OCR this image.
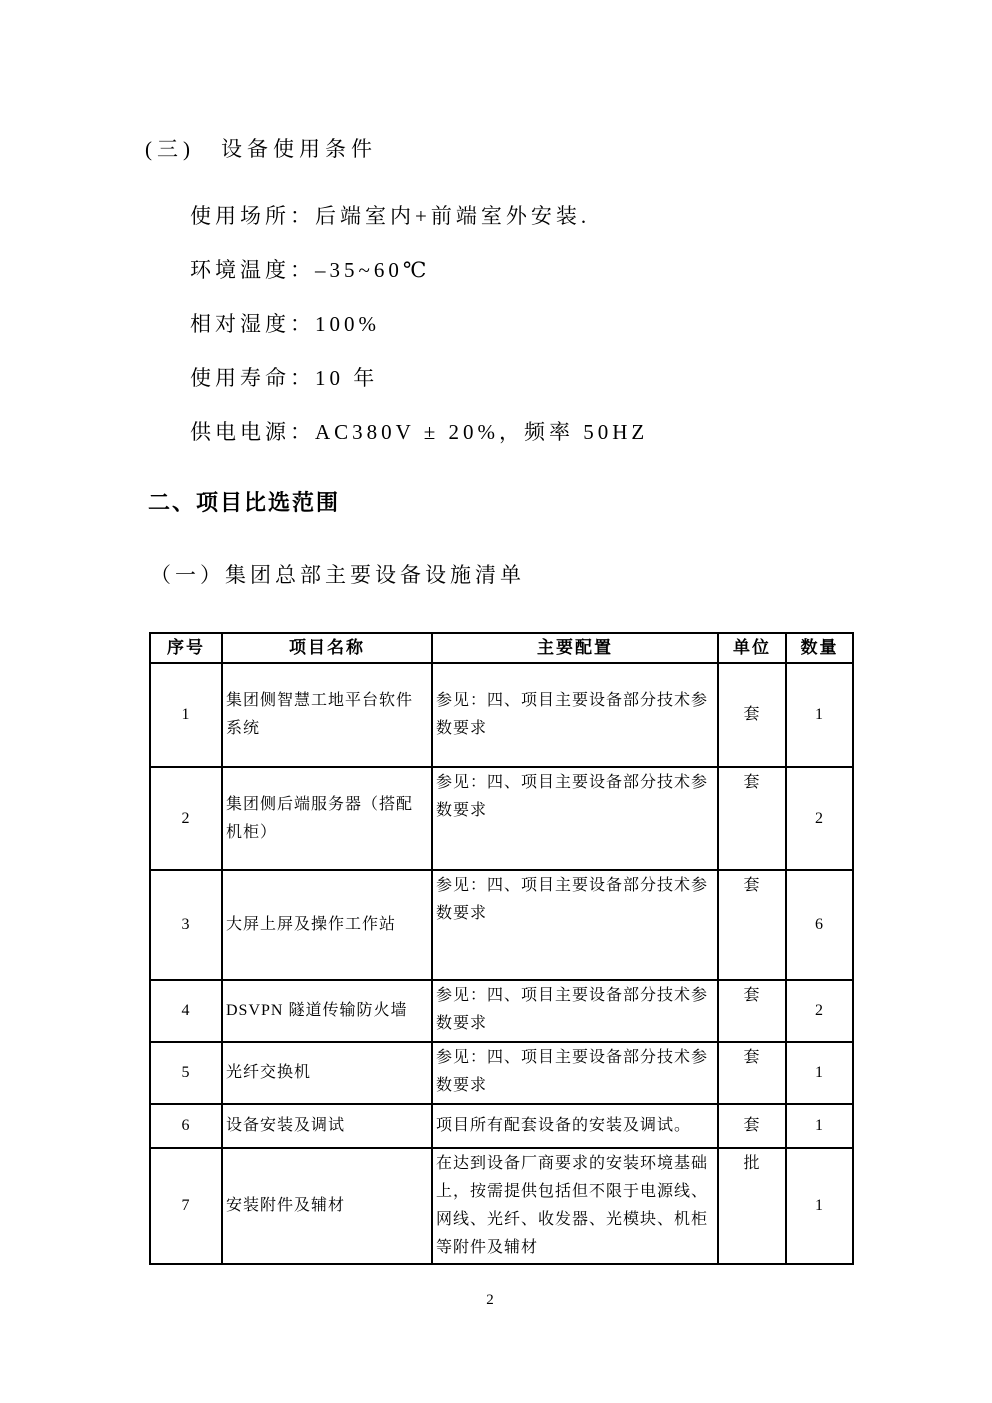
(三) 设备使用条件

使用场所：后端室内+前端室外安装.

环境温度：–35~60℃

相对湿度：100%

使用寿命：10 年

供电电源：AC380V ± 20%，频率 50HZ

二、项目比选范围
（一）集团总部主要设备设施清单
序号	项目名称	主要配置	单位	数量
1	集团侧智慧工地平台软件系统	参见：四、项目主要设备部分技术参数要求	套	1
2	集团侧后端服务器（搭配机柜）	参见：四、项目主要设备部分技术参数要求	套	2
3	大屏上屏及操作工作站	参见：四、项目主要设备部分技术参数要求	套	6
4	DSVPN 隧道传输防火墙	参见：四、项目主要设备部分技术参数要求	套	2
5	光纤交换机	参见：四、项目主要设备部分技术参数要求	套	1
6	设备安装及调试	项目所有配套设备的安装及调试。	套	1
7	安装附件及辅材	在达到设备厂商要求的安装环境基础上，按需提供包括但不限于电源线、网线、光纤、收发器、光模块、机柜等附件及辅材	批	1
2
